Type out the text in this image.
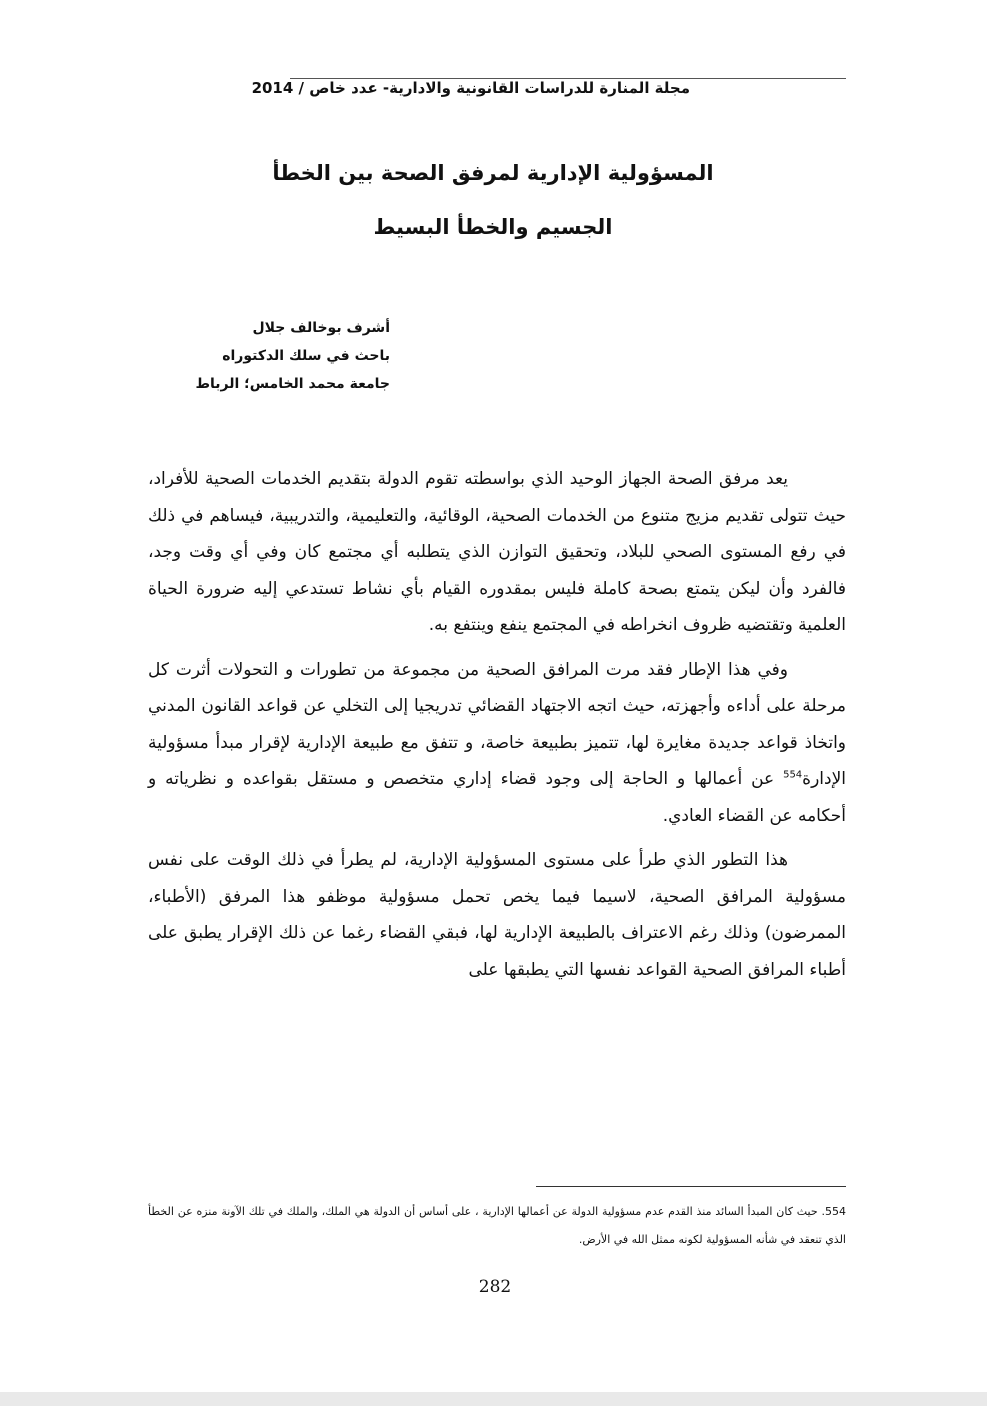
مجلة المنارة للدراسات القانونية والادارية- عدد خاص / 2014
المسؤولية الإدارية لمرفق الصحة بين الخطأ
الجسيم والخطأ البسيط
أشرف بوخالف جلال
باحث في سلك الدكتوراه
جامعة محمد الخامس؛ الرباط

يعد مرفق الصحة الجهاز الوحيد الذي بواسطته تقوم الدولة بتقديم الخدمات الصحية للأفراد، حيث تتولى تقديم مزيج متنوع من الخدمات الصحية، الوقائية، والتعليمية، والتدريبية، فيساهم في ذلك في رفع المستوى الصحي للبلاد، وتحقيق التوازن الذي يتطلبه أي مجتمع كان وفي أي وقت وجد، فالفرد وأن ليكن يتمتع بصحة كاملة فليس بمقدوره القيام بأي نشاط تستدعي إليه ضرورة الحياة العلمية وتقتضيه ظروف انخراطه في المجتمع ينفع وينتفع به.

وفي هذا الإطار فقد مرت المرافق الصحية من مجموعة من تطورات و التحولات أثرت كل مرحلة على أداءه وأجهزته، حيث اتجه الاجتهاد القضائي تدريجيا إلى التخلي عن قواعد القانون المدني واتخاذ قواعد جديدة مغايرة لها، تتميز بطبيعة خاصة، و تتفق مع طبيعة الإدارية لإقرار مبدأ مسؤولية الإدارة$^{554}$ عن أعمالها و الحاجة إلى وجود قضاء إداري متخصص و مستقل بقواعده و نظرياته و أحكامه عن القضاء العادي.

هذا التطور الذي طرأ على مستوى المسؤولية الإدارية، لم يطرأ في ذلك الوقت على نفس مسؤولية المرافق الصحية، لاسيما فيما يخص تحمل مسؤولية موظفو هذا المرفق (الأطباء، الممرضون) وذلك رغم الاعتراف بالطبيعة الإدارية لها، فبقي القضاء رغما عن ذلك الإقرار يطبق على أطباء المرافق الصحية القواعد نفسها التي يطبقها على

554. حيث كان المبدأ السائد منذ القدم عدم مسؤولية الدولة عن أعمالها الإدارية ، على أساس أن الدولة هي الملك، والملك في تلك الآونة منزه عن الخطأ الذي تنعقد في شأنه المسؤولية لكونه ممثل الله في الأرض.
282
